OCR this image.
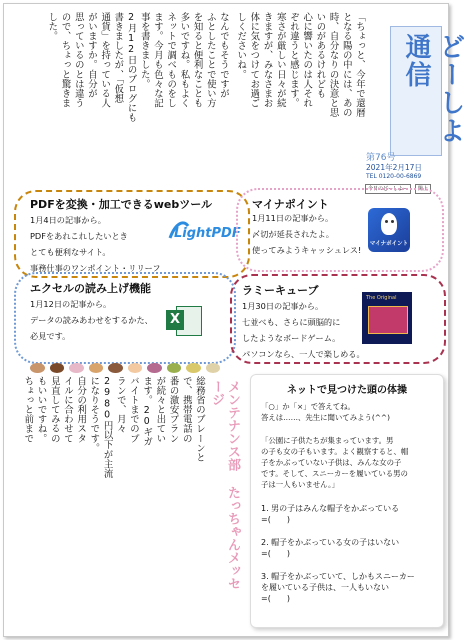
どーしよ通信
第76号
2021年2月17日
TEL 0120-00-6869
今日のどーしよー	陽上
「ちょっと、今年で還暦
となる陽の中には、あの
時、自分なりの決意と思
いのがあるけれども
心に響いたのは人それ
ぞれ違うと感じます。
寒さが厳しい日々が続
きますが、みなさまお
体に気をつけてお過ご
しくださいね。
なんでもそうですが
ふとしたことで使い方
を知ると便利なことも
多いですね。私もよく
ネットで調べものをし
ます。今月も色々な記
事を書きました。
2月12日のブログにも
書きましたが、「仮想
通貨」を持っている人
がいますか。自分が
思っているのとは違う
ので、ちょっと驚きま
した。
PDFを変換・加工できるwebツール
1月4日の記事から。
PDFをあれこれしたいとき
とても便利なサイト。
事務仕事のワンポイント・リリーフ
LightPDF
マイナポイント
1月11日の記事から。
〆切が延長されたよ。
使ってみようキャッシュレス!
マイナポイント
エクセルの読み上げ機能
1月12日の記事から。
データの読みあわせをするかた、
必見です。
X
ラミーキューブ
1月30日の記事から。
七並べも、さらに頭脳的に
したようなボードゲーム。
パソコンなら、一人で楽しめる。
The Original
総務省のブレーンと
で、携帯電話の
番の激安プラン
が続々と出てい
ます。20ギガ
バイトまでのプ
ランで、月々
2980円以下が主流
になりそうです。
自分の利用スタ
イルに合わせて
見直してみるの
もいいですね。
ちょっと前まで	メンテナンス部 たっちゃんメッセージ	ネットで見つけた頭の体操
「○」か「×」で答えてね。
答えは……、先生に聞いてみよう(^^)
「公園に子供たちが集まっています。男
の子も女の子もいます。よく観察すると、帽
子をかぶっていない子供は、みんな女の子
です。そして、スニーカーを履いている男の
子は一人もいません。」
1. 男の子はみんな帽子をかぶっている
=(　　)
2. 帽子をかぶっている女の子はいない
=(　　)
3. 帽子をかぶっていて、しかもスニーカー
を履いている子供は、一人もいない
=(　　)
